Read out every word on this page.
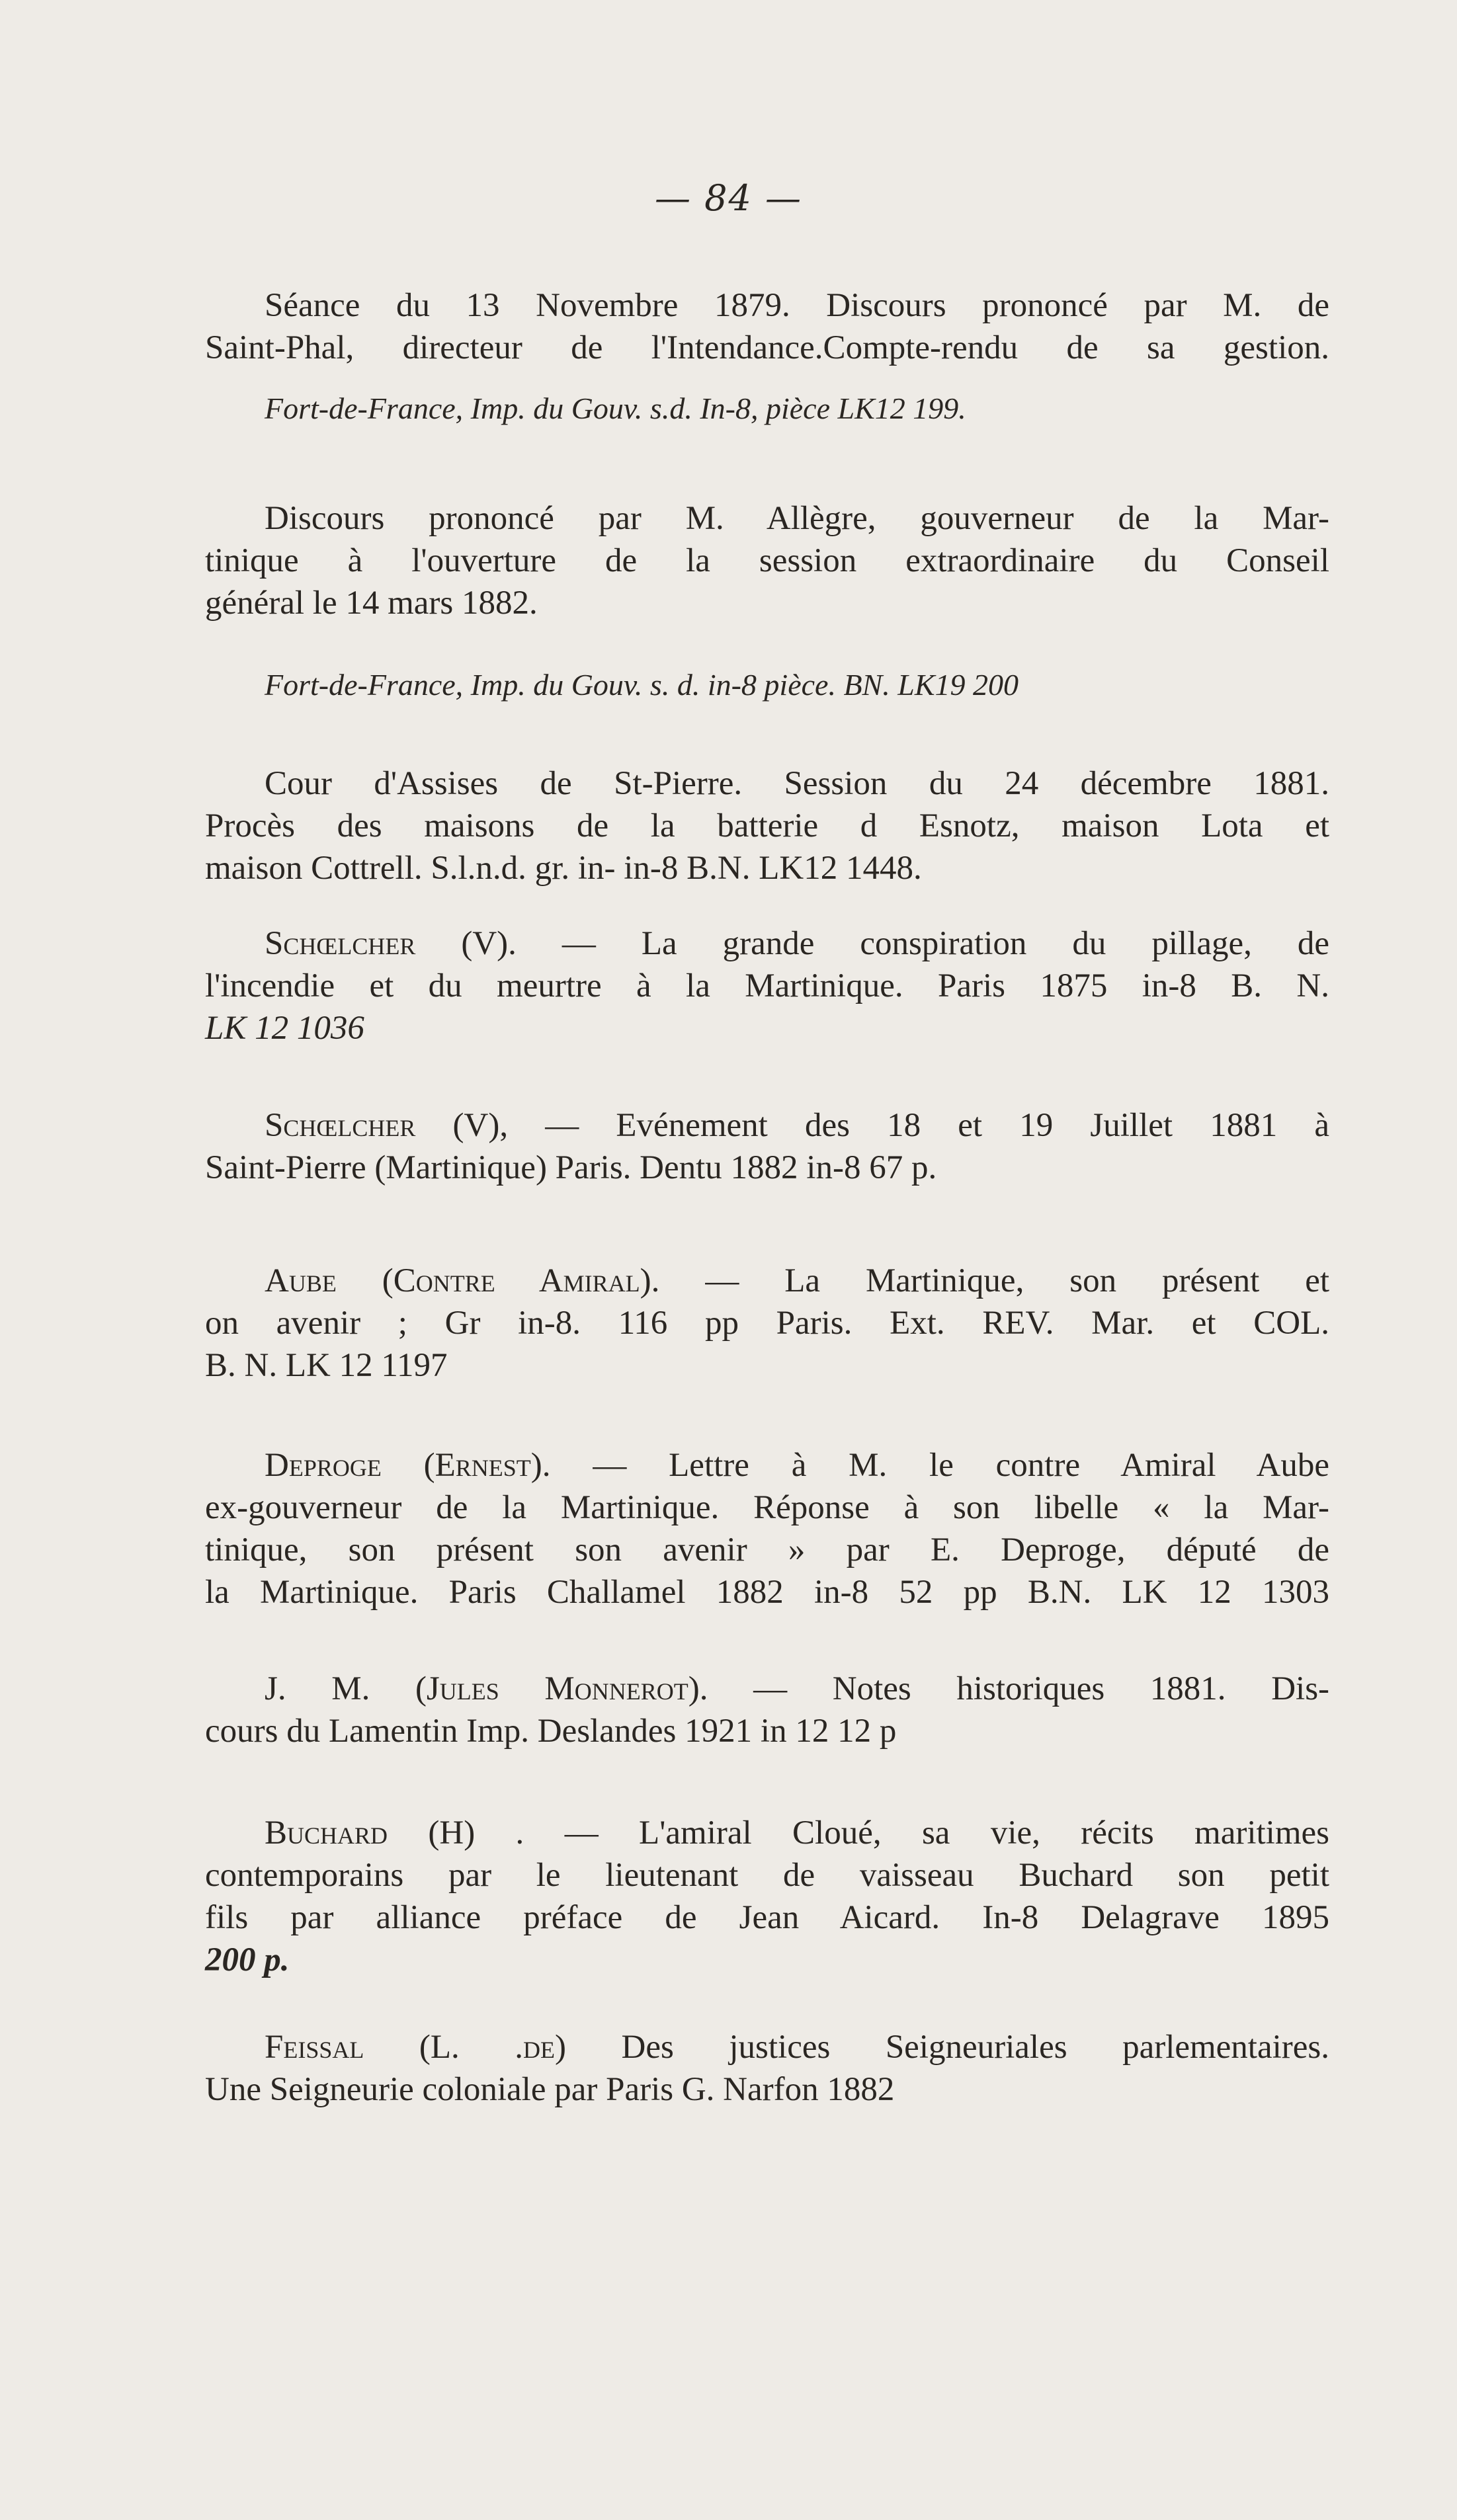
— 84 —
Séance du 13 Novembre 1879. Discours prononcé par M. de
Saint-Phal, directeur de l'Intendance.Compte-rendu de sa gestion.
Fort-de-France, Imp. du Gouv. s.d. In-8, pièce LK12 199.
Discours prononcé par M. Allègre, gouverneur de la Mar-
tinique à l'ouverture de la session extraordinaire du Conseil
général le 14 mars 1882.
Fort-de-France, Imp. du Gouv. s. d. in-8 pièce. BN. LK19 200
Cour d'Assises de St-Pierre. Session du 24 décembre 1881.
Procès des maisons de la batterie d Esnotz, maison Lota et
maison Cottrell. S.l.n.d. gr. in- in-8 B.N. LK12 1448.
Schœlcher (V). — La grande conspiration du pillage, de
l'incendie et du meurtre à la Martinique. Paris 1875 in-8 B. N.
LK 12 1036
Schœlcher (V), — Evénement des 18 et 19 Juillet 1881 à
Saint-Pierre (Martinique) Paris. Dentu 1882 in-8 67 p.
Aube (Contre Amiral). — La Martinique, son présent et
on avenir ; Gr in-8. 116 pp Paris. Ext. REV. Mar. et COL.
B. N. LK 12 1197
Deproge (Ernest). — Lettre à M. le contre Amiral Aube
ex-gouverneur de la Martinique. Réponse à son libelle « la Mar-
tinique, son présent son avenir » par E. Deproge, député de
la Martinique. Paris Challamel 1882 in-8 52 pp B.N. LK 12 1303
J. M. (Jules Monnerot). — Notes historiques 1881. Dis-
cours du Lamentin Imp. Deslandes 1921 in 12 12 p
Buchard (H) . — L'amiral Cloué, sa vie, récits maritimes
contemporains par le lieutenant de vaisseau Buchard son petit
fils par alliance préface de Jean Aicard. In-8 Delagrave 1895
200 p.
Feissal (L. .de) Des justices Seigneuriales parlementaires.
Une Seigneurie coloniale par Paris G. Narfon 1882
